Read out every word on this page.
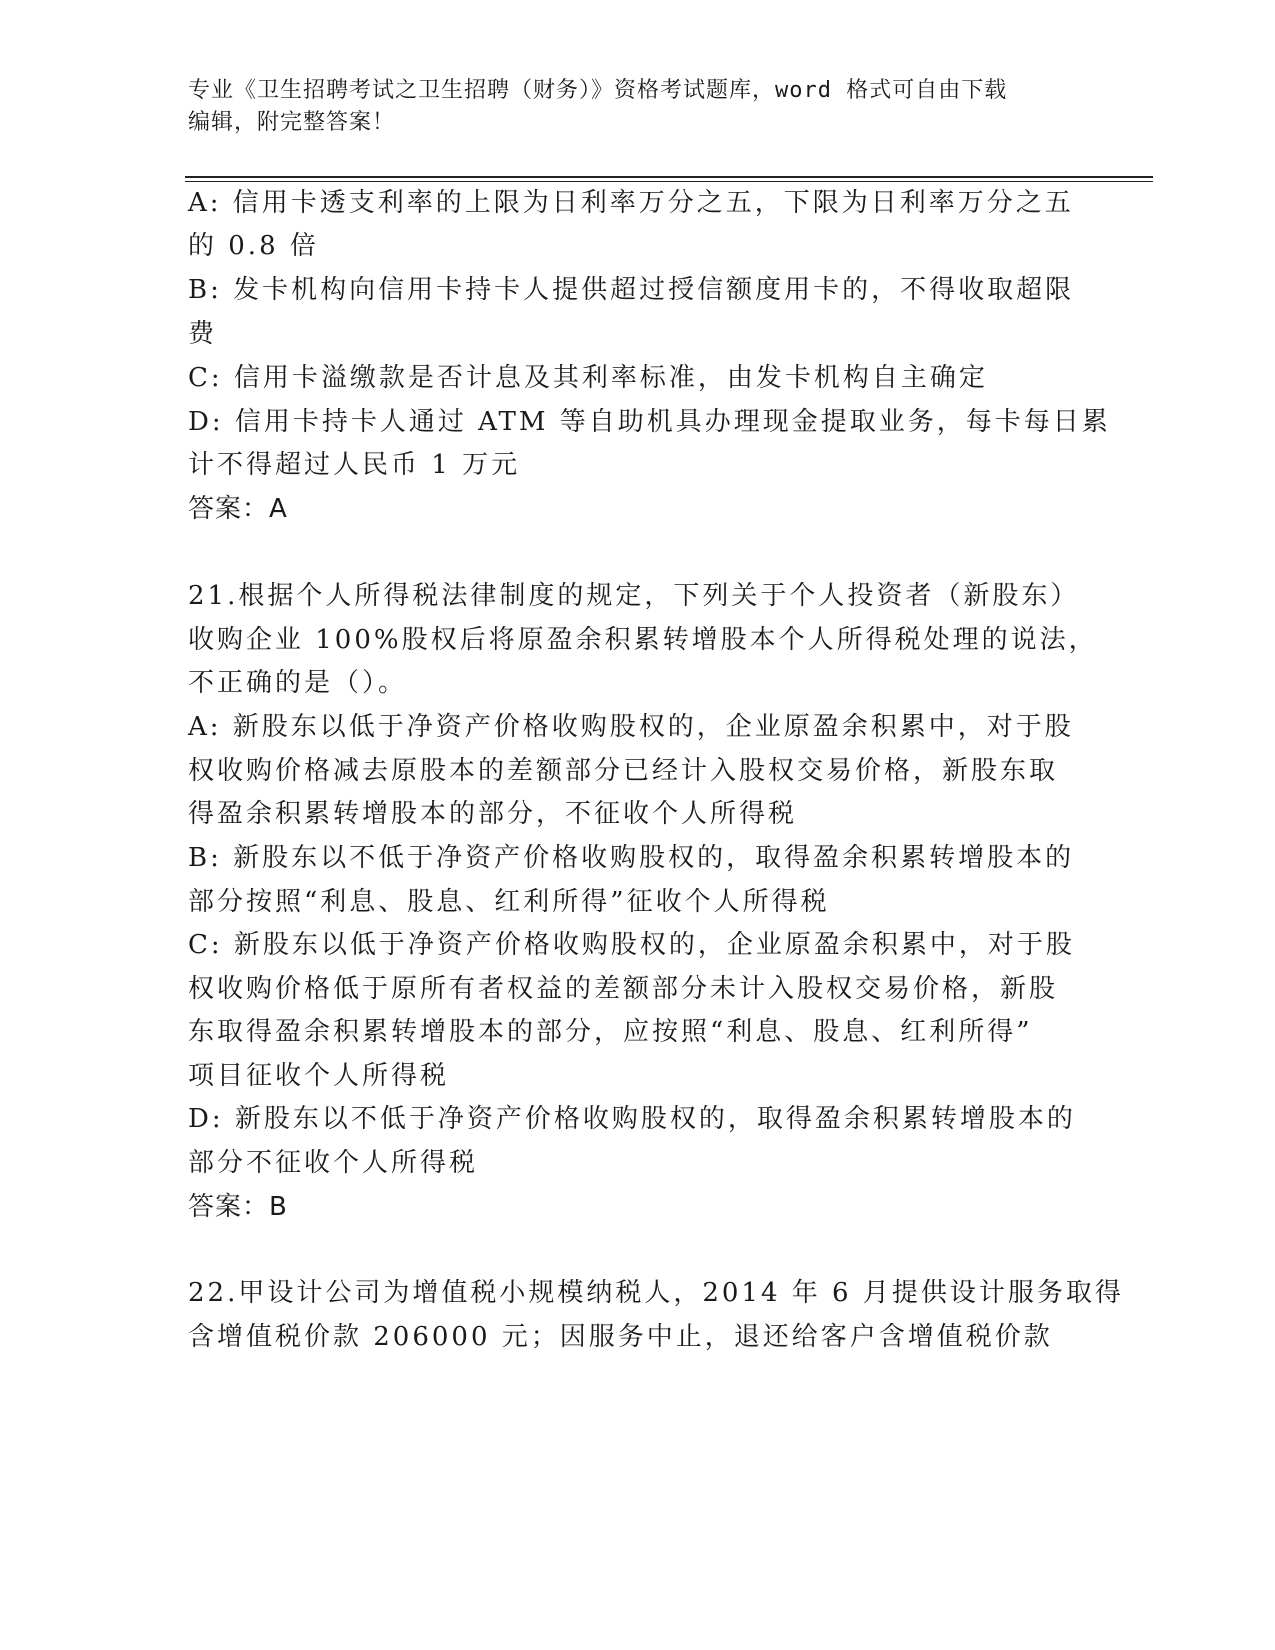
专业《卫生招聘考试之卫生招聘（财务）》资格考试题库，word 格式可自由下载
编辑，附完整答案！
A: 信用卡透支利率的上限为日利率万分之五，下限为日利率万分之五
的 0.8 倍
B: 发卡机构向信用卡持卡人提供超过授信额度用卡的，不得收取超限
费
C: 信用卡溢缴款是否计息及其利率标准，由发卡机构自主确定
D: 信用卡持卡人通过 ATM 等自助机具办理现金提取业务，每卡每日累
计不得超过人民币 1 万元
答案：A
21.根据个人所得税法律制度的规定，下列关于个人投资者（新股东）
收购企业 100%股权后将原盈余积累转增股本个人所得税处理的说法，
不正确的是（）。
A: 新股东以低于净资产价格收购股权的，企业原盈余积累中，对于股
权收购价格减去原股本的差额部分已经计入股权交易价格，新股东取
得盈余积累转增股本的部分，不征收个人所得税
B: 新股东以不低于净资产价格收购股权的，取得盈余积累转增股本的
部分按照“利息、股息、红利所得”征收个人所得税
C: 新股东以低于净资产价格收购股权的，企业原盈余积累中，对于股
权收购价格低于原所有者权益的差额部分未计入股权交易价格，新股
东取得盈余积累转增股本的部分，应按照“利息、股息、红利所得”
项目征收个人所得税
D: 新股东以不低于净资产价格收购股权的，取得盈余积累转增股本的
部分不征收个人所得税
答案：B
22.甲设计公司为增值税小规模纳税人，2014 年 6 月提供设计服务取得
含增值税价款 206000 元；因服务中止，退还给客户含增值税价款
